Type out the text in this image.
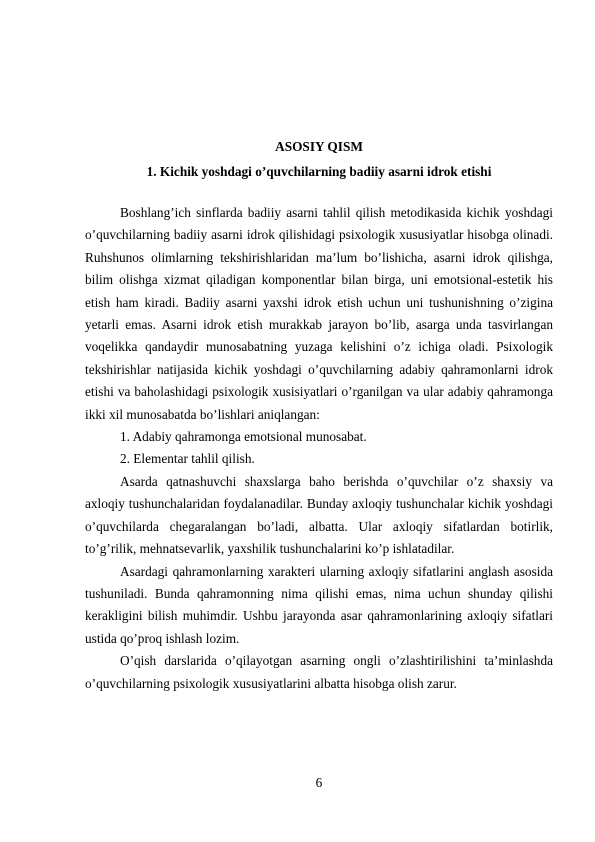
ASOSIY QISM
1. Kichik yoshdagi o’quvchilarning badiiy asarni idrok etishi

Boshlang’ich sinflarda badiiy asarni tahlil qilish metodikasida kichik yoshdagi o’quvchilarning badiiy asarni idrok qilishidagi psixologik xususiyatlar hisobga olinadi. Ruhshunos olimlarning tekshirishlaridan ma’lum bo’lishicha, asarni idrok qilishga, bilim olishga xizmat qiladigan komponentlar bilan birga, uni emotsional-estetik his etish ham kiradi. Badiiy asarni yaxshi idrok etish uchun uni tushunishning o’zigina yetarli emas. Asarni idrok etish murakkab jarayon bo’lib, asarga unda tasvirlangan voqelikka qandaydir munosabatning yuzaga kelishini o’z ichiga oladi. Psixologik tekshirishlar natijasida kichik yoshdagi o’quvchilarning adabiy qahramonlarni idrok etishi va baholashidagi psixologik xusisiyatlari o’rganilgan va ular adabiy qahramonga ikki xil munosabatda bo’lishlari aniqlangan:

1. Adabiy qahramonga emotsional munosabat.

2. Elementar tahlil qilish.

Asarda qatnashuvchi shaxslarga baho berishda o’quvchilar o’z shaxsiy va axloqiy tushunchalaridan foydalanadilar. Bunday axloqiy tushunchalar kichik yoshdagi o’quvchilarda chegaralangan bo’ladi, albatta. Ular axloqiy sifatlardan botirlik, to’g’rilik, mehnatsevarlik, yaxshilik tushunchalarini ko’p ishlatadilar.

Asardagi qahramonlarning xarakteri ularning axloqiy sifatlarini anglash asosida tushuniladi. Bunda qahramonning nima qilishi emas, nima uchun shunday qilishi kerakligini bilish muhimdir. Ushbu jarayonda asar qahramonlarining axloqiy sifatlari ustida qo’proq ishlash lozim.

O’qish darslarida o’qilayotgan asarning ongli o’zlashtirilishini ta’minlashda o’quvchilarning psixologik xususiyatlarini albatta hisobga olish zarur.

6
